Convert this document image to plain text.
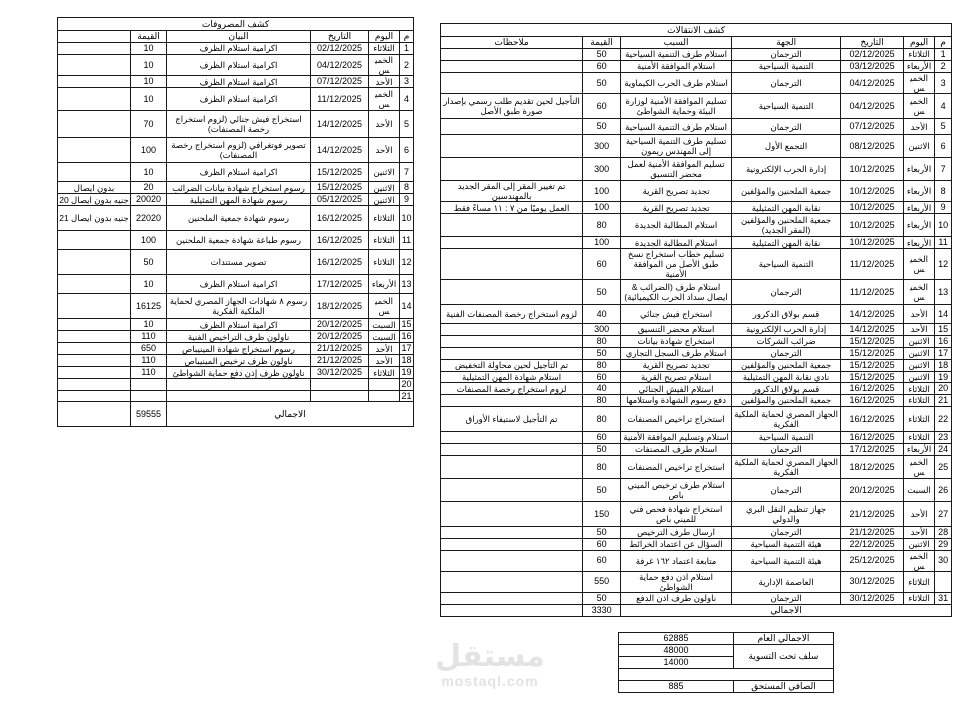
كشف المصروفات					
م	اليوم	التاريخ	البيان	القيمة	
1	الثلاثاء	02/12/2025	اكرامية استلام الظرف	10	
2	الخميس	04/12/2025	اكرامية استلام الظرف	10	
3	الأحد	07/12/2025	اكرامية استلام الظرف	10	
4	الخميس	11/12/2025	اكرامية استلام الظرف	10	
5	الأحد	14/12/2025	استخراج فيش جنائي (لزوم استخراج رخصة المصنفات)	70	
6	الأحد	14/12/2025	تصوير فوتغرافي (لزوم استخراج رخصة المصنفات)	100	
7	الاثنين	15/12/2025	اكرامية استلام الظرف	10	
8	الاثنين	15/12/2025	رسوم استخراج شهادة بيانات الضرائب	20	بدون ايصال
9	الاثنين	05/12/2025	رسوم شهادة المهن التمثيلية	20020	جنيه بدون ايصال 20
10	الثلاثاء	16/12/2025	رسوم شهادة جمعية الملحنين	22020	جنيه بدون ايصال 21
11	الثلاثاء	16/12/2025	رسوم طباعة شهادة جمعية الملحنين	100	
12	الثلاثاء	16/12/2025	تصوير مستندات	50	
13	الأربعاء	17/12/2025	اكرامية استلام الظرف	10	
14	الخميس	18/12/2025	رسوم ٨ شهادات الجهاز المصري لحماية الملكية الفكرية	16125	
15	السبت	20/12/2025	اكرامية استلام الظرف	10	
16	السبت	20/12/2025	ناولون ظرف التراخيص الفنية	110	
17	الأحد	21/12/2025	رسوم استخراج شهادة المينيباص	650	
18	الأحد	21/12/2025	ناولون ظرف ترخيص المينيباص	110	
19	الثلاثاء	30/12/2025	ناولون ظرف إذن دفع حماية الشواطئ	110	
20					
21					
الاجمالي				59555	
كشف الانتقالات						
م	اليوم	التاريخ	الجهة	السبب	القيمة	ملاحظات
1	الثلاثاء	02/12/2025	الترجمان	استلام طرف التنمية السياحية	50	
2	الأربعاء	03/12/2025	التنمية السياحية	استلام الموافقة الأمنية	60	
3	الخميس	04/12/2025	الترجمان	استلام طرف الحرب الكيماوية	50	
4	الخميس	04/12/2025	التنمية السياحية	تسليم الموافقة الأمنية لوزارة البيئة وحماية الشواطئ	60	التأجيل لحين تقديم طلب رسمي بإصدار صورة طبق الأصل
5	الأحد	07/12/2025	الترجمان	استلام طرف التنمية السياحية	50	
6	الاثنين	08/12/2025	التجمع الأول	تسليم طرف التنمية السياحية إلى المهندس ريمون	300	
7	الأربعاء	10/12/2025	إدارة الحرب الإلكترونية	تسليم الموافقة الأمنية لعمل محضر التنسيق	300	
8	الأربعاء	10/12/2025	جمعية الملحنين والمؤلفين	تجديد تصريح القرية	100	تم تغيير المقر إلى المقر الجديد بالمهندسين
9	الأربعاء	10/12/2025	نقابة المهن التمثيلية	تجديد تصريح القرية	100	العمل يوميًا من ٧ : ١١ مساءً فقط
10	الأربعاء	10/12/2025	جمعية الملحنين والمؤلفين (المقر الجديد)	استلام المطالبة الجديدة	80	
11	الأربعاء	10/12/2025	نقابة المهن التمثيلية	استلام المطالبة الجديدة	100	
12	الخميس	11/12/2025	التنمية السياحية	تسليم خطاب استخراج نسخ طبق الأصل من الموافقة الأمنية	60	
13	الخميس	11/12/2025	الترجمان	استلام طرف (الضرائب & ايصال سداد الحرب الكيميائية)	50	
14	الأحد	14/12/2025	قسم بولاق الدكرور	استخراج فيش جنائي	40	لزوم استخراج رخصة المصنفات الفنية
15	الأحد	14/12/2025	إدارة الحرب الإلكترونية	استلام محضر التنسيق	300	
16	الاثنين	15/12/2025	ضرائب الشركات	استخراج شهادة بيانات	80	
17	الاثنين	15/12/2025	الترجمان	استلام طرف السجل التجاري	50	
18	الاثنين	15/12/2025	جمعية الملحنين والمؤلفين	تجديد تصريح القرية	80	تم التأجيل لحين محاولة التخفيض
19	الاثنين	15/12/2025	نادي نقابة المهن التمثيلية	استلام تصريح القرية	60	استلام شهادة المهن التمثيلية
20	الثلاثاء	16/12/2025	قسم بولاق الدكرور	استلام الفيش الجنائي	40	لزوم استخراج رخصة المصنفات
21	الثلاثاء	16/12/2025	جمعية الملحنين والمؤلفين	دفع رسوم الشهادة واستلامها	80	
22	الثلاثاء	16/12/2025	الجهاز المصري لحماية الملكية الفكرية	استخراج تراخيص المصنفات	80	تم التأجيل لاستيفاء الأوراق
23	الثلاثاء	16/12/2025	التنمية السياحية	استلام وتسليم الموافقة الأمنية	60	
24	الأربعاء	17/12/2025	الترجمان	استلام طرف المصنفات	50	
25	الخميس	18/12/2025	الجهاز المصري لحماية الملكية الفكرية	استخراج تراخيص المصنفات	80	
26	السبت	20/12/2025	الترجمان	استلام طرف ترخيص الميني باص	50	
27	الأحد	21/12/2025	جهاز تنظيم النقل البري والدولي	استخراج شهادة فحص فني للميني باص	150	
28	الأحد	21/12/2025	الترجمان	ارسال طرف الترخيص	50	
29	الاثنين	22/12/2025	هيئة التنمية السياحية	السؤال عن اعتماد الخرائط	60	
30	الخميس	25/12/2025	هيئة التنمية السياحية	متابعة اعتماد ١٦٢ غرفة	60	
	الثلاثاء	30/12/2025	العاصمة الإدارية	استلام اذن دفع حماية الشواطئ	550	
31	الثلاثاء	30/12/2025	الترجمان	ناولون طرف اذن الدفع	50	
الاجمالي					3330	
الاجمالي العام	62885
سلف تحت التسوية	48000
	14000

الصافي المستحق	885
مستقل
mostaql.com
